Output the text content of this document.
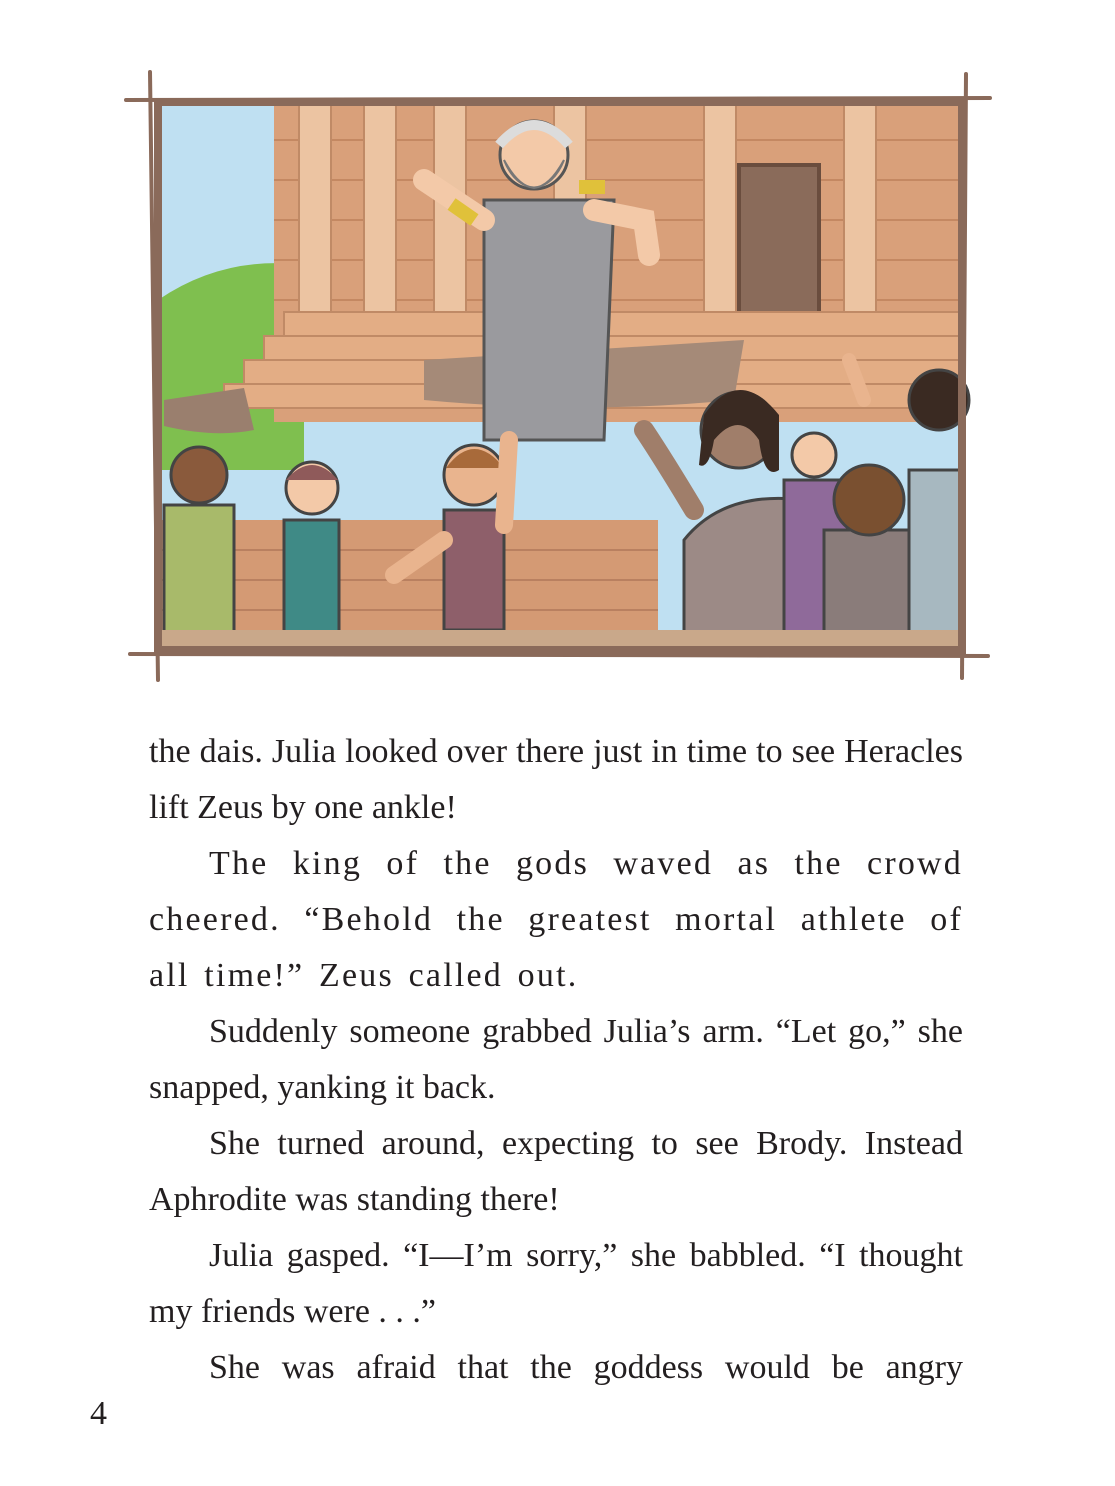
the dais. Julia looked over there just in time to see Heracles lift Zeus by one ankle!

The king of the gods waved as the crowd cheered. “Behold the greatest mortal athlete of all time!” Zeus called out.

Suddenly someone grabbed Julia’s arm. “Let go,” she snapped, yanking it back.

She turned around, expecting to see Brody. Instead Aphrodite was standing there!

Julia gasped. “I—I’m sorry,” she babbled. “I thought my friends were . . .”

She was afraid that the goddess would be angry

4
